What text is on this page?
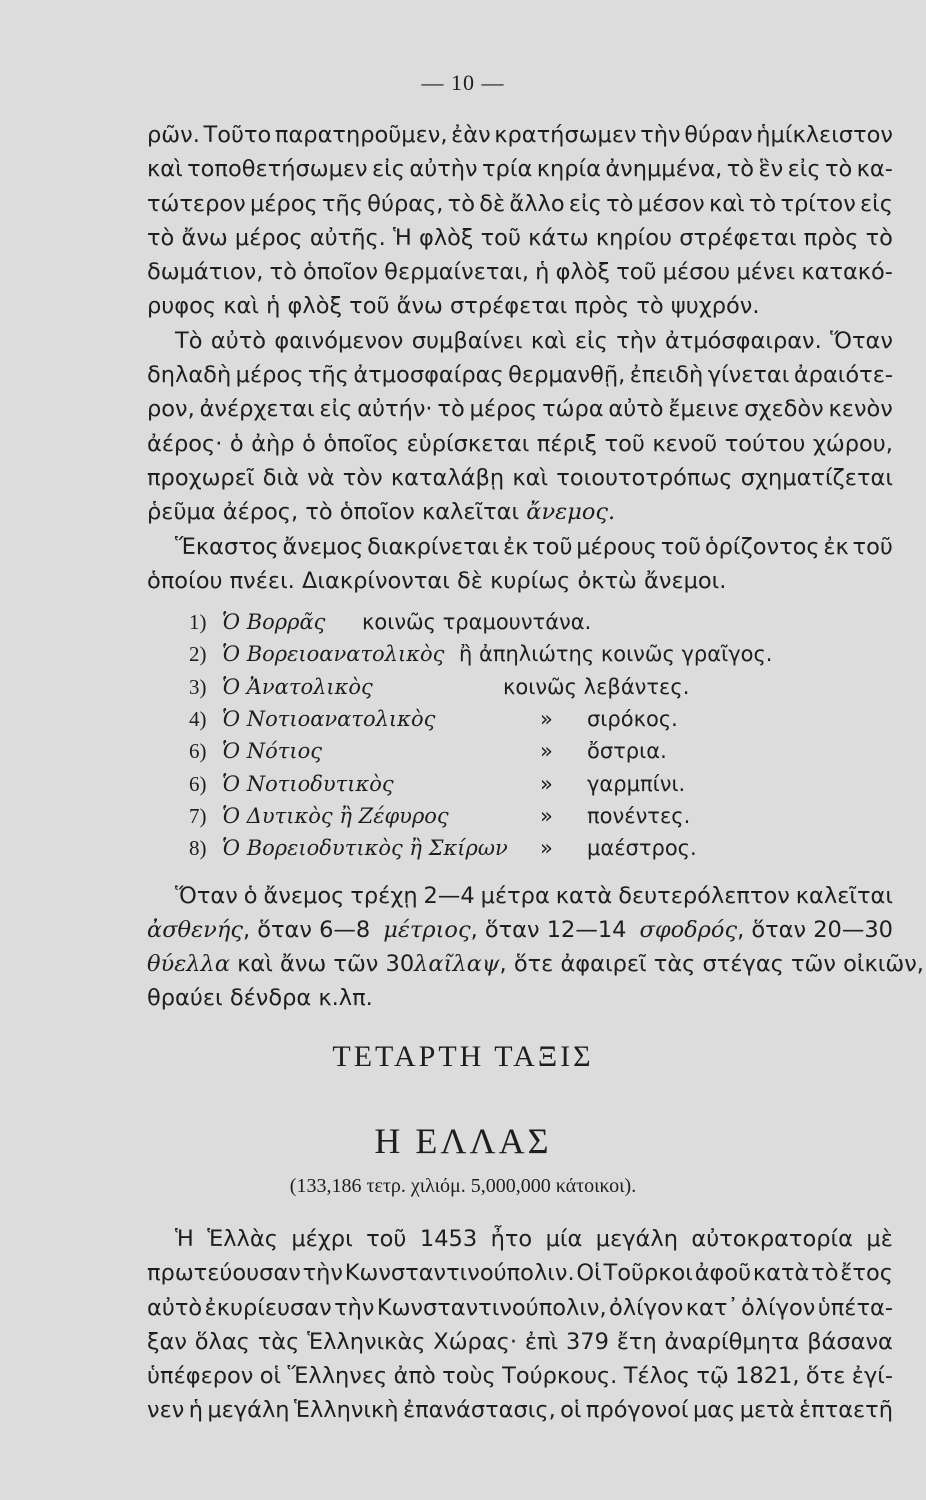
— 10 —
ρῶν. Τοῦτο παρατηροῦμεν, ἐὰν κρατήσωμεν τὴν θύραν ἡμίκλειστον
καὶ τοποθετήσωμεν εἰς αὐτὴν τρία κηρία ἀνημμένα, τὸ ἓν εἰς τὸ κα-
τώτερον μέρος τῆς θύρας, τὸ δὲ ἄλλο εἰς τὸ μέσον καὶ τὸ τρίτον εἰς
τὸ ἄνω μέρος αὐτῆς. Ἡ φλὸξ τοῦ κάτω κηρίου στρέφεται πρὸς τὸ
δωμάτιον, τὸ ὁποῖον θερμαίνεται, ἡ φλὸξ τοῦ μέσου μένει κατακό-
ρυφος καὶ ἡ φλὸξ τοῦ ἄνω στρέφεται πρὸς τὸ ψυχρόν.
Τὸ αὐτὸ φαινόμενον συμβαίνει καὶ εἰς τὴν ἀτμόσφαιραν. Ὅταν
δηλαδὴ μέρος τῆς ἀτμοσφαίρας θερμανθῇ, ἐπειδὴ γίνεται ἀραιότε-
ρον, ἀνέρχεται εἰς αὐτήν· τὸ μέρος τώρα αὐτὸ ἔμεινε σχεδὸν κενὸν
ἀέρος· ὁ ἀὴρ ὁ ὁποῖος εὑρίσκεται πέριξ τοῦ κενοῦ τούτου χώρου,
προχωρεῖ διὰ νὰ τὸν καταλάβῃ καὶ τοιουτοτρόπως σχηματίζεται
ῥεῦμα ἀέρος, τὸ ὁποῖον καλεῖται
ἄνεμος.
Ἕκαστος ἄνεμος διακρίνεται ἐκ τοῦ μέρους τοῦ ὁρίζοντος ἐκ τοῦ
ὁποίου πνέει. Διακρίνονται δὲ κυρίως ὀκτὼ ἄνεμοι.
1) Ὁ Βορρᾶς κοινῶς τραμουντάνα.
2) Ὁ Βορειοανατολικὸς ἢ ἀπηλιώτης κοινῶς γραῖγος.
3) Ὁ Ἀνατολικὸς	κοινῶς λεβάντες.
4) Ὁ Νοτιοανατολικὸς	» σιρόκος.
6) Ὁ Νότιος	» ὄστρια.
6) Ὁ Νοτιοδυτικὸς	» γαρμπίνι.
7) Ὁ Δυτικὸς ἢ Ζέφυρος	» πονέντες.
8) Ὁ Βορειοδυτικὸς ἢ Σκίρων » μαέστρος.
Ὅταν ὁ ἄνεμος τρέχῃ 2—4 μέτρα κατὰ δευτερόλεπτον καλεῖται
ἀσθενής, ὅταν 6—8 μέτριος, ὅταν 12—14 σφοδρός, ὅταν 20—30
θύελλα καὶ ἄνω τῶν 30 λαῖλαψ, ὅτε ἀφαιρεῖ τὰς στέγας τῶν οἰκιῶν,
θραύει δένδρα κ.λπ.
ΤΕΤΑΡΤΗ ΤΑΞΙΣ
Η ΕΛΛΑΣ
(133,186 τετρ. χιλιόμ. 5,000,000 κάτοικοι).
Ἡ Ἑλλὰς μέχρι τοῦ 1453 ἦτο μία μεγάλη αὐτοκρατορία μὲ
πρωτεύουσαν τὴν Κωνσταντινούπολιν. Οἱ Τοῦρκοι ἀφοῦ κατὰ τὸ ἔτος
αὐτὸ ἐκυρίευσαν τὴν Κωνσταντινούπολιν, ὀλίγον κατ᾽ ὀλίγον ὑπέτα-
ξαν ὅλας τὰς Ἑλληνικὰς Χώρας· ἐπὶ 379 ἔτη ἀναρίθμητα βάσανα
ὑπέφερον οἱ Ἕλληνες ἀπὸ τοὺς Τούρκους. Τέλος τῷ 1821, ὅτε ἐγί-
νεν ἡ μεγάλη Ἑλληνικὴ ἐπανάστασις, οἱ πρόγονοί μας μετὰ ἑπταετῆ
